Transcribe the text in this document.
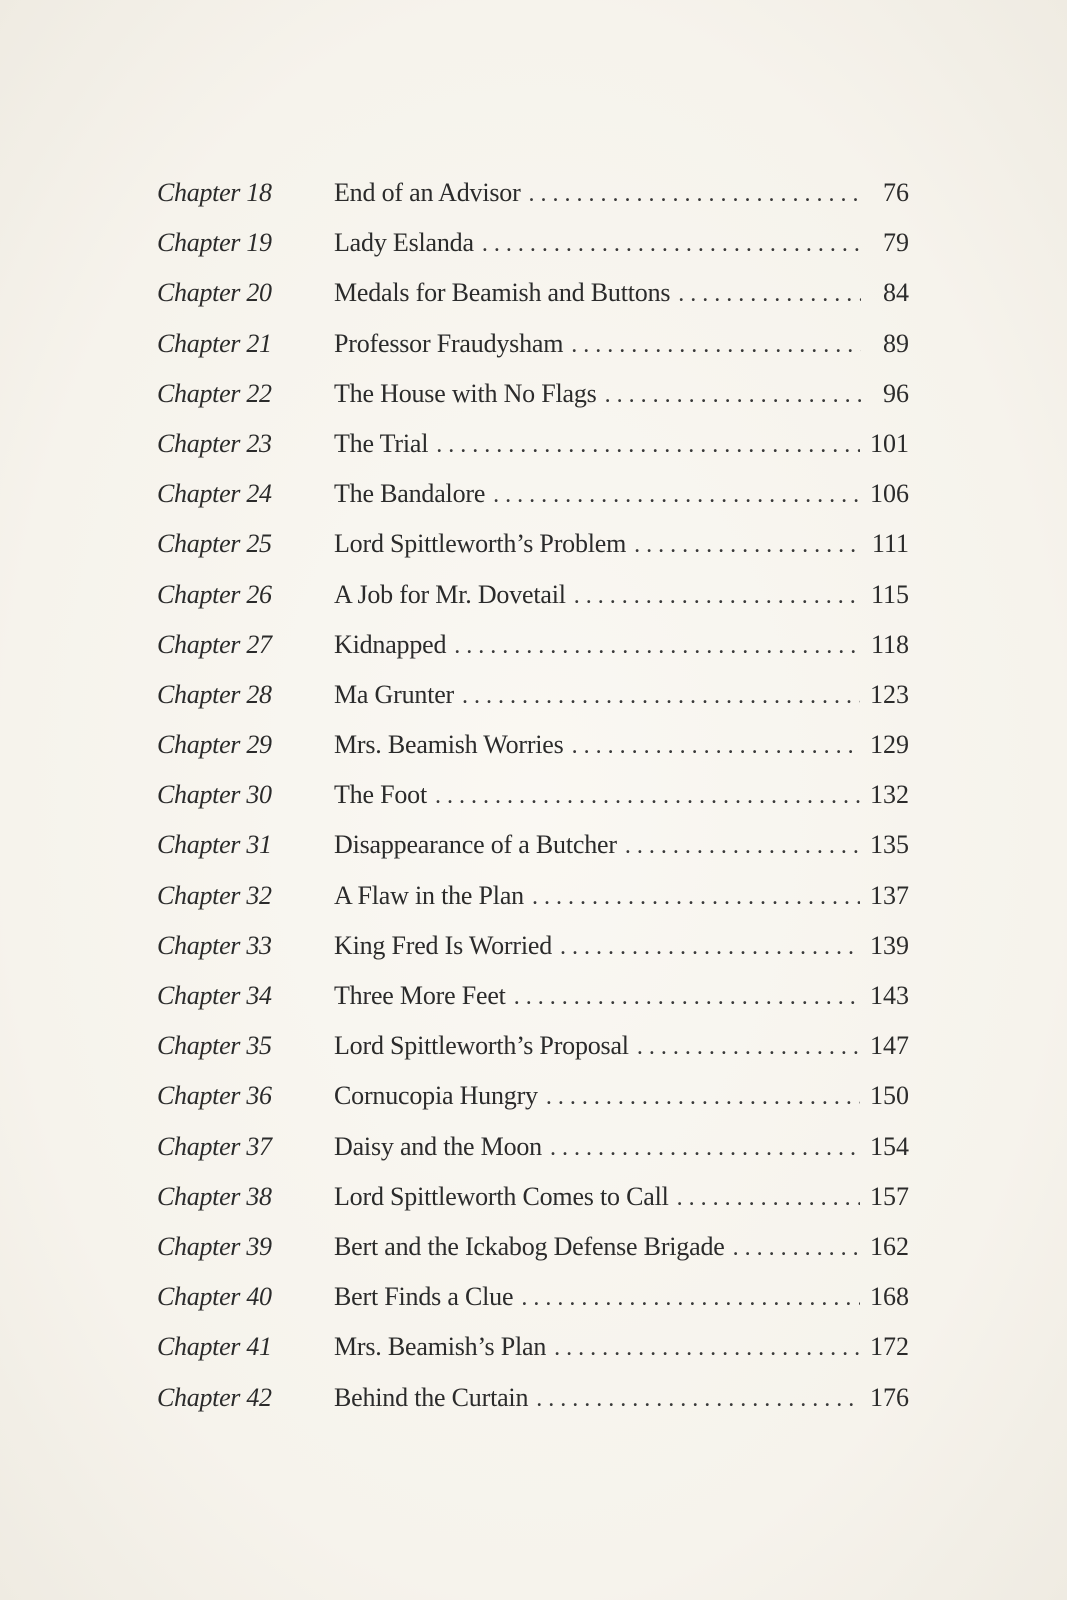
Chapter 18	End of an Advisor . . .	76
Chapter 19	Lady Eslanda . . .	79
Chapter 20	Medals for Beamish and Buttons . . .	84
Chapter 21	Professor Fraudysham . . .	89
Chapter 22	The House with No Flags . . .	96
Chapter 23	The Trial . . .	101
Chapter 24	The Bandalore . . .	106
Chapter 25	Lord Spittleworth’s Problem . . .	111
Chapter 26	A Job for Mr. Dovetail . . .	115
Chapter 27	Kidnapped . . .	118
Chapter 28	Ma Grunter . . .	123
Chapter 29	Mrs. Beamish Worries . . .	129
Chapter 30	The Foot . . .	132
Chapter 31	Disappearance of a Butcher . . .	135
Chapter 32	A Flaw in the Plan . . .	137
Chapter 33	King Fred Is Worried . . .	139
Chapter 34	Three More Feet . . .	143
Chapter 35	Lord Spittleworth’s Proposal . . .	147
Chapter 36	Cornucopia Hungry . . .	150
Chapter 37	Daisy and the Moon . . .	154
Chapter 38	Lord Spittleworth Comes to Call . . .	157
Chapter 39	Bert and the Ickabog Defense Brigade . . .	162
Chapter 40	Bert Finds a Clue . . .	168
Chapter 41	Mrs. Beamish’s Plan . . .	172
Chapter 42	Behind the Curtain . . .	176
